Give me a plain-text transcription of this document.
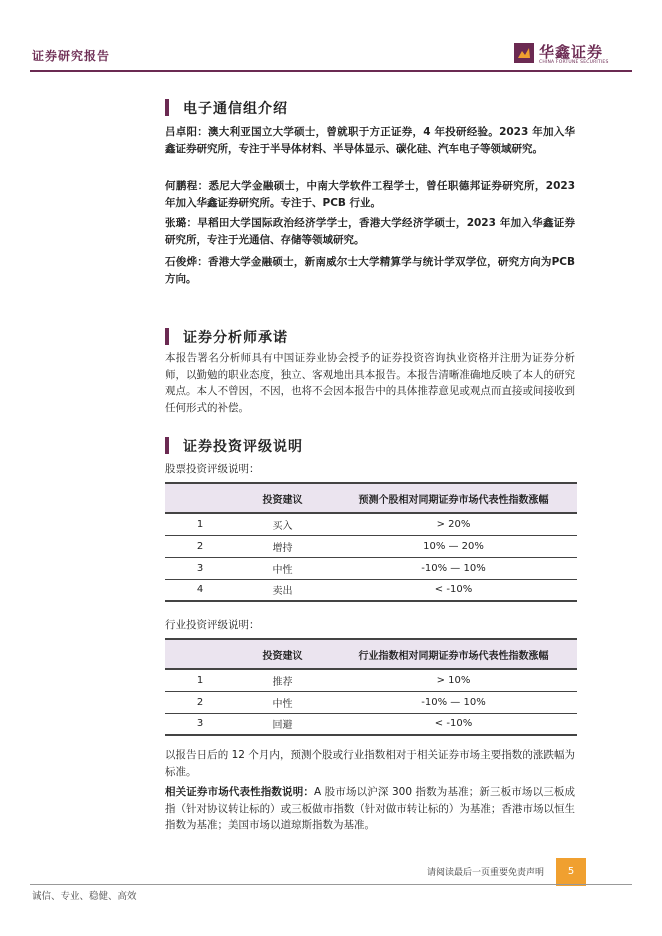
证券研究报告	华鑫证券
CHINA FORTUNE SECURITIES
电子通信组介绍
吕卓阳：澳大利亚国立大学硕士，曾就职于方正证券，4 年投研经验。2023 年加入华鑫证券研究所，专注于半导体材料、半导体显示、碳化硅、汽车电子等领域研究。
何鹏程：悉尼大学金融硕士，中南大学软件工程学士，曾任职德邦证券研究所，2023 年加入华鑫证券研究所。专注于、PCB 行业。
张璐：早稻田大学国际政治经济学学士，香港大学经济学硕士，2023 年加入华鑫证券研究所，专注于光通信、存储等领域研究。
石俊烨：香港大学金融硕士，新南威尔士大学精算学与统计学双学位，研究方向为PCB方向。
证券分析师承诺
本报告署名分析师具有中国证券业协会授予的证券投资咨询执业资格并注册为证券分析师，以勤勉的职业态度，独立、客观地出具本报告。本报告清晰准确地反映了本人的研究观点。本人不曾因，不因，也将不会因本报告中的具体推荐意见或观点而直接或间接收到任何形式的补偿。
证券投资评级说明
股票投资评级说明：
	投资建议	预测个股相对同期证券市场代表性指数涨幅
1	买入	> 20%
2	增持	10% — 20%
3	中性	-10% — 10%
4	卖出	< -10%
行业投资评级说明：
	投资建议	行业指数相对同期证券市场代表性指数涨幅
1	推荐	> 10%
2	中性	-10% — 10%
3	回避	< -10%
以报告日后的 12 个月内，预测个股或行业指数相对于相关证券市场主要指数的涨跌幅为标准。
相关证券市场代表性指数说明：A 股市场以沪深 300 指数为基准；新三板市场以三板成指（针对协议转让标的）或三板做市指数（针对做市转让标的）为基准；香港市场以恒生指数为基准；美国市场以道琼斯指数为基准。
请阅读最后一页重要免责声明	5
诚信、专业、稳健、高效
